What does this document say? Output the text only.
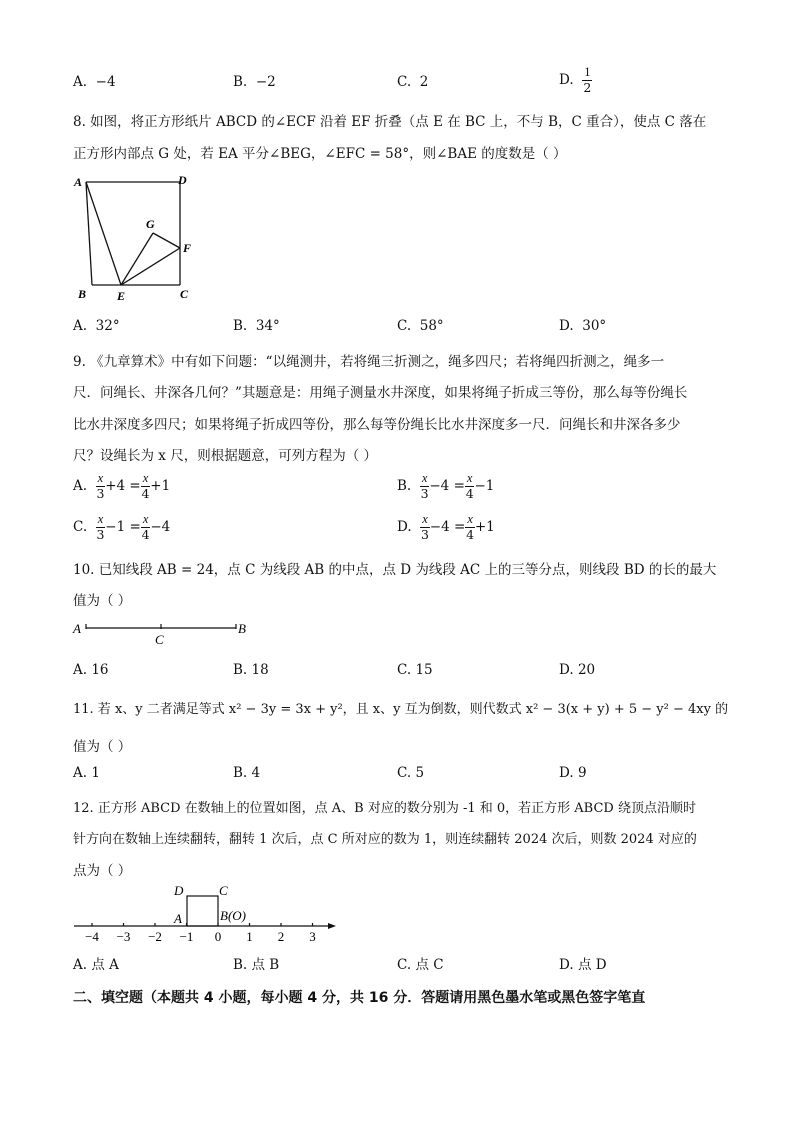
A. −4	B. −2	C. 2	D. $\frac{1}{2}$
8. 如图，将正方形纸片 ABCD 的∠ECF 沿着 EF 折叠（点 E 在 BC 上，不与 B，C 重合），使点 C 落在
正方形内部点 G 处，若 EA 平分∠BEG，∠EFC = 58°，则∠BAE 的度数是（ ）
A	D
G
F
B	E	C
A. 32°	B. 34°	C. 58°	D. 30°
9. 《九章算术》中有如下问题：“以绳测井，若将绳三折测之，绳多四尺；若将绳四折测之，绳多一
尺．问绳长、井深各几何？”其题意是：用绳子测量水井深度，如果将绳子折成三等份，那么每等份绳长
比水井深度多四尺；如果将绳子折成四等份，那么每等份绳长比水井深度多一尺．问绳长和井深各多少
尺？设绳长为 x 尺，则根据题意，可列方程为（ ）
A. $\frac{x}{3} +4 = \frac{x}{4} +1$	B. $\frac{x}{3} -4 = \frac{x}{4} -1$
C. $\frac{x}{3} -1 = \frac{x}{4} -4$	D. $\frac{x}{3} -4 = \frac{x}{4} +1$
10. 已知线段 AB = 24，点 C 为线段 AB 的中点，点 D 为线段 AC 上的三等分点，则线段 BD 的长的最大
值为（ ）
A
C
B
A. 16	B. 18	C. 15	D. 20
11. 若 x、y 二者满足等式 x² − 3y = 3x + y²，且 x、y 互为倒数，则代数式 x² − 3(x + y) + 5 − y² − 4xy 的
值为（ ）
A. 1	B. 4	C. 5	D. 9
12. 正方形 ABCD 在数轴上的位置如图，点 A、B 对应的数分别为 -1 和 0，若正方形 ABCD 绕顶点沿顺时
针方向在数轴上连续翻转，翻转 1 次后，点 C 所对应的数为 1，则连续翻转 2024 次后，则数 2024 对应的
点为（ ）
−4 −3 −2 −1 0 1 2 3
D	C
A	B(O)
A. 点 A	B. 点 B	C. 点 C	D. 点 D
二、填空题（本题共 4 小题，每小题 4 分，共 16 分．答题请用黑色墨水笔或黑色签字笔直
